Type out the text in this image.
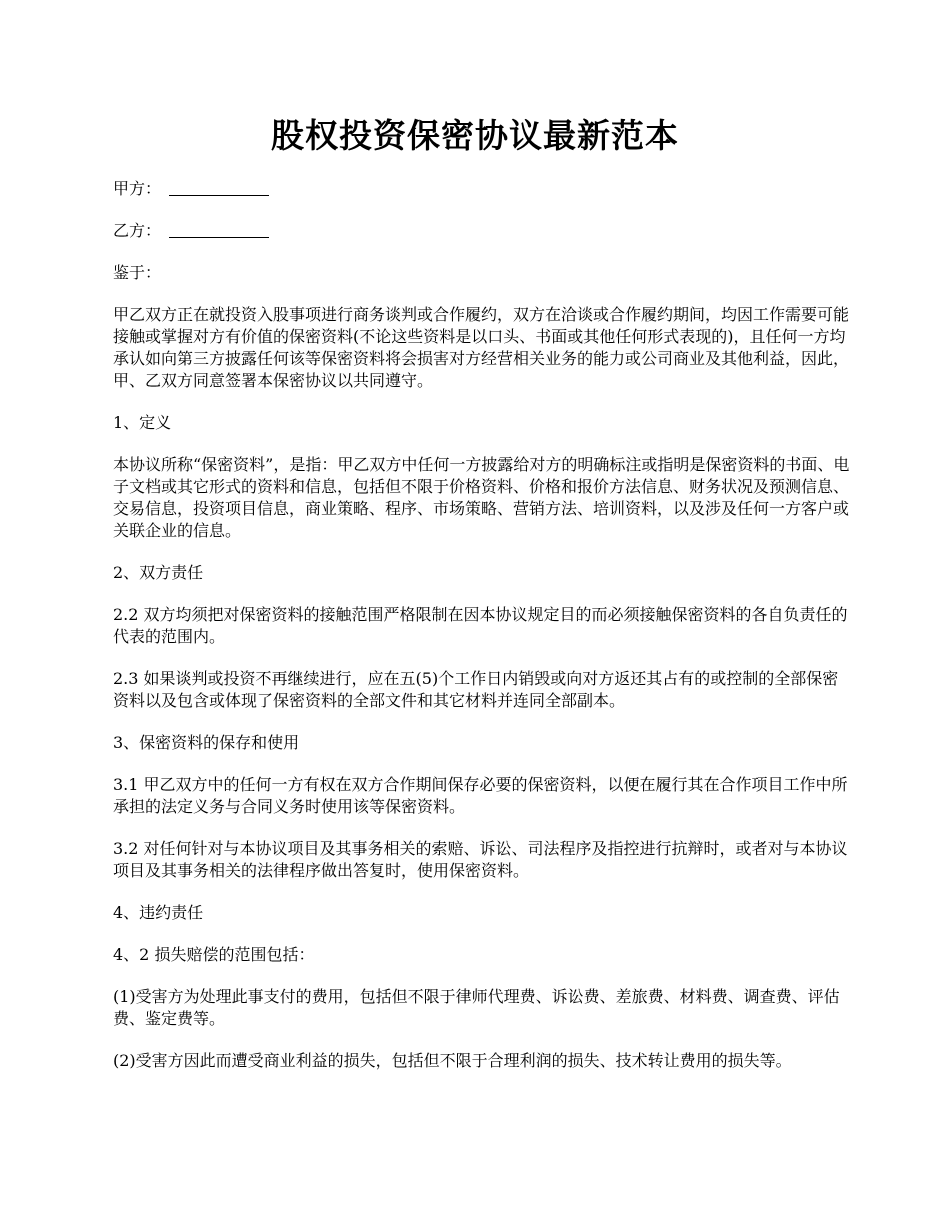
股权投资保密协议最新范本
甲方：
乙方：

鉴于：

甲乙双方正在就投资入股事项进行商务谈判或合作履约，双方在洽谈或合作履约期间，均因工作需要可能接触或掌握对方有价值的保密资料(不论这些资料是以口头、书面或其他任何形式表现的)，且任何一方均承认如向第三方披露任何该等保密资料将会损害对方经营相关业务的能力或公司商业及其他利益，因此，甲、乙双方同意签署本保密协议以共同遵守。

1、定义

本协议所称“保密资料”，是指：甲乙双方中任何一方披露给对方的明确标注或指明是保密资料的书面、电子文档或其它形式的资料和信息，包括但不限于价格资料、价格和报价方法信息、财务状况及预测信息、交易信息，投资项目信息，商业策略、程序、市场策略、营销方法、培训资料，以及涉及任何一方客户或关联企业的信息。

2、双方责任

2.2 双方均须把对保密资料的接触范围严格限制在因本协议规定目的而必须接触保密资料的各自负责任的代表的范围内。

2.3 如果谈判或投资不再继续进行，应在五(5)个工作日内销毁或向对方返还其占有的或控制的全部保密资料以及包含或体现了保密资料的全部文件和其它材料并连同全部副本。

3、保密资料的保存和使用

3.1 甲乙双方中的任何一方有权在双方合作期间保存必要的保密资料，以便在履行其在合作项目工作中所承担的法定义务与合同义务时使用该等保密资料。

3.2 对任何针对与本协议项目及其事务相关的索赔、诉讼、司法程序及指控进行抗辩时，或者对与本协议项目及其事务相关的法律程序做出答复时，使用保密资料。

4、违约责任

4、2 损失赔偿的范围包括：

(1)受害方为处理此事支付的费用，包括但不限于律师代理费、诉讼费、差旅费、材料费、调查费、评估费、鉴定费等。

(2)受害方因此而遭受商业利益的损失，包括但不限于合理利润的损失、技术转让费用的损失等。
